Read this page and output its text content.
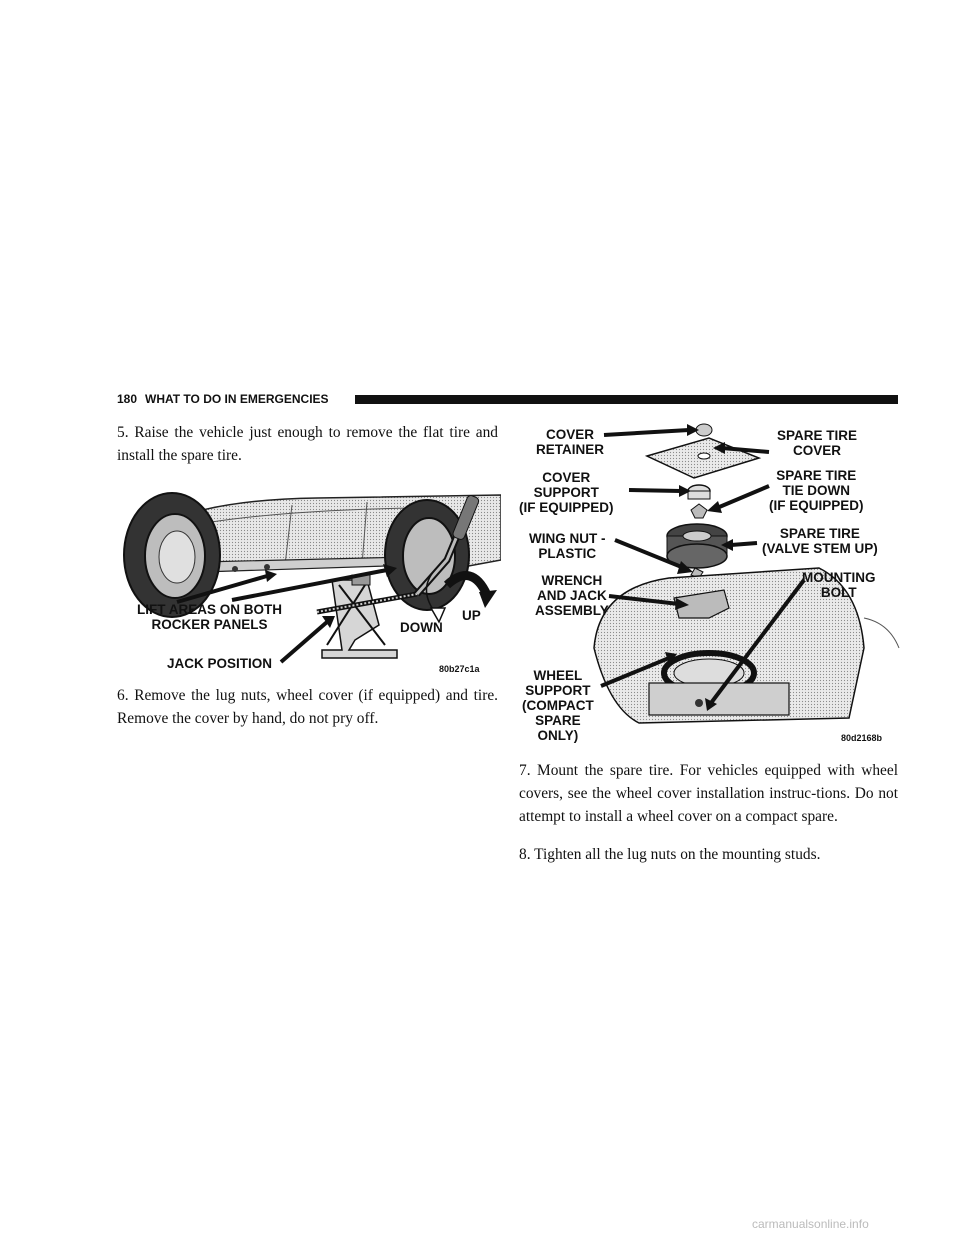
180 WHAT TO DO IN EMERGENCIES

5. Raise the vehicle just enough to remove the flat tire and install the spare tire.

LIFT AREAS ON BOTH
ROCKER PANELS
JACK POSITION
DOWN
UP
80b27c1a

6. Remove the lug nuts, wheel cover (if equipped) and tire. Remove the cover by hand, do not pry off.

COVER
RETAINER
COVER
SUPPORT
(IF EQUIPPED)
WING NUT -
PLASTIC
WRENCH
AND JACK
ASSEMBLY
WHEEL
SUPPORT
(COMPACT
SPARE
ONLY)
SPARE TIRE
COVER
SPARE TIRE
TIE DOWN
(IF EQUIPPED)
SPARE TIRE
(VALVE STEM UP)
MOUNTING
BOLT
80d2168b

7. Mount the spare tire. For vehicles equipped with wheel covers, see the wheel cover installation instruc-tions. Do not attempt to install a wheel cover on a compact spare.

8. Tighten all the lug nuts on the mounting studs.

carmanualsonline.info
